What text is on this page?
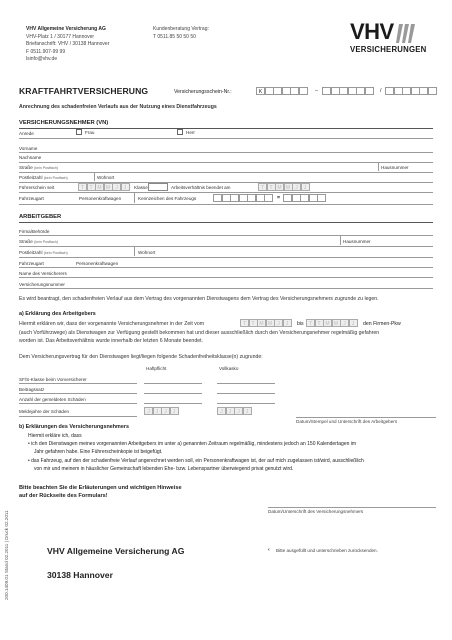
VHV Allgemeine Versicherung AG
VHV-Platz 1 / 30177 Hannover
Briefanschrift: VHV / 30138 Hannover
F 0511.907-99 99
lsinfo@vhv.de
Kundenberatung Vertrag:
T 0511.85 50 50 50	VHV
VERSICHERUNGEN
KRAFTFAHRTVERSICHERUNG	Versicherungsschein-Nr.:	K	–	/
Anrechnung des schadenfreien Verlaufs aus der Nutzung eines Dienstfahrzeugs
VERSICHERUNGSNEHMER (VN)
Anrede	Frau	Herr
Vorname
Nachname
Straße (kein Postfach)	Hausnummer
Postleitzahl (kein Postfach)	Wohnort
Führerschein seit	T	T M M	J	J	Klasse	Arbeitsverhältnis beendet am	T	T M M	J	J
Fahrzeugart	Personenkraftwagen	Kennzeichen des Fahrzeugs	=
ARBEITGEBER
Firma/Behörde
Straße (kein Postfach)	Hausnummer
Postleitzahl (kein Postfach)	Wohnort
Fahrzeugart	Personenkraftwagen
Name des Versicherers
Versicherungsnummer
Es wird beantragt, den schadenfreien Verlauf aus dem Vertrag des vorgenannten Dienstwagens dem Vertrag des Versicherungsnehmers zugrunde zu legen.
a) Erklärung des Arbeitgebers
Hiermit erklären wir, dass der vorgenannte Versicherungsnehmer in der Zeit vom	T	T M M	J	J	bis	T	T M M	J	J	den Firmen-Pkw
(auch Vorführzwege) als Dienstwagen zur Verfügung gestellt bekommen hat und dieser ausschließlich durch den Versicherungsnehmer regelmäßig gefahren
worden ist. Das Arbeitsverhältnis wurde innerhalb der letzten 6 Monate beendet.
Dem Versicherungsvertrag für den Dienstwagen liegt/liegen folgende Schadenfreiheitsklasse(n) zugrunde:
Haftpflicht	Vollkasko
SF/S-Klasse beim Vorversicherer
Beitragssatz
Anzahl der gemeldeten Schäden
Meldejahre der Schäden	J	J	J	J	J	J	J	J
Datum/Stempel und Unterschrift des Arbeitgebers
b) Erklärungen des Versicherungsnehmers
Hiermit erkläre ich, dass
• ich den Dienstwagen meines vorgenannten Arbeitgebers im unter a) genannten Zeitraum regelmäßig, mindestens jedoch an 150 Kalendertagen im
Jahr gefahren habe. Eine Führerscheinkopie ist beigefügt.
• das Fahrzeug, auf den der schadenfreie Verlauf angerechnet werden soll, ein Personenkraftwagen ist, der auf mich zugelassen ist/wird, ausschließlich
von mir und meinem in häuslicher Gemeinschaft lebenden Ehe- bzw. Lebenspartner überwiegend privat genutzt wird.
Bitte beachten Sie die Erläuterungen und wichtigen Hinweise
auf der Rückseite des Formulars!
Datum/Unterschrift des Versicherungsnehmers
VHV Allgemeine Versicherung AG
30138 Hannover
‹ Bitte ausgefüllt und unterschrieben zurücksenden.
200.1409.01 Stand 02.2011 | Druck 02.2011
